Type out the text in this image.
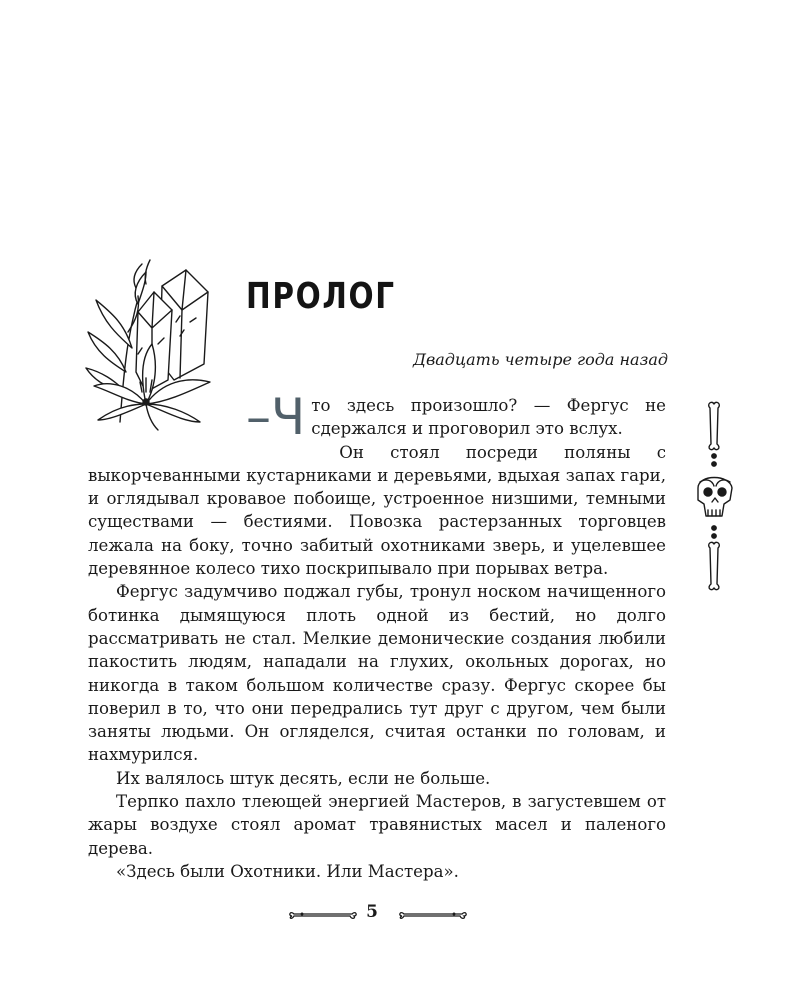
ПРОЛОГ

Двадцать четыре года назад

–Ч то здесь произошло? — Фергус не сдержался и проговорил это вслух.

Он стоял посреди поляны с выкорчеванными кустарниками и деревьями, вдыхая запах гари, и оглядывал кровавое побоище, устроенное низшими, темными существами — бестиями. Повозка растерзанных торговцев лежала на боку, точно забитый охотниками зверь, и уцелевшее деревянное колесо тихо поскрипывало при порывах ветра.

Фергус задумчиво поджал губы, тронул носком начищенного ботинка дымящуюся плоть одной из бестий, но долго рассматривать не стал. Мелкие демонические создания любили пакостить людям, нападали на глухих, окольных дорогах, но никогда в таком большом количестве сразу. Фергус скорее бы поверил в то, что они передрались тут друг с другом, чем были заняты людьми. Он огляделся, считая останки по головам, и нахмурился.

Их валялось штук десять, если не больше.

Терпко пахло тлеющей энергией Мастеров, в загустевшем от жары воздухе стоял аромат травянистых масел и паленого дерева.

«Здесь были Охотники. Или Мастера».

5
